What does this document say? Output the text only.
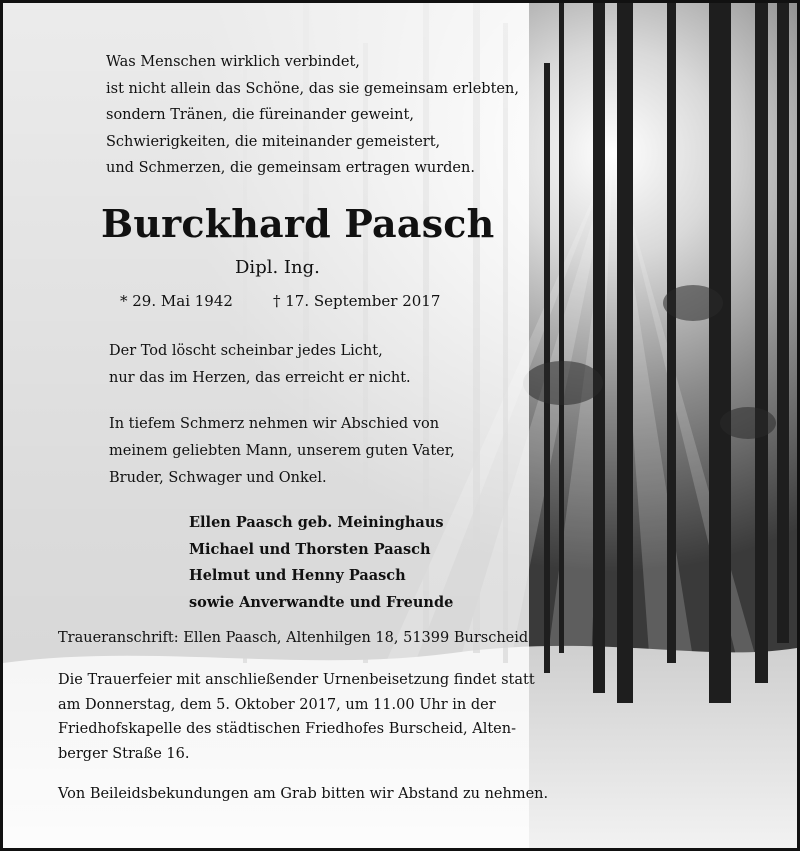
Was Menschen wirklich verbindet,
ist nicht allein das Schöne, das sie gemeinsam erlebten,
sondern Tränen, die füreinander geweint,
Schwierigkeiten, die miteinander gemeistert,
und Schmerzen, die gemeinsam ertragen wurden.
Burckhard Paasch
Dipl. Ing.
* 29. Mai 1942	† 17. September 2017
Der Tod löscht scheinbar jedes Licht,
nur das im Herzen, das erreicht er nicht.
In tiefem Schmerz nehmen wir Abschied von
meinem geliebten Mann, unserem guten Vater,
Bruder, Schwager und Onkel.
Ellen Paasch geb. Meininghaus
Michael und Thorsten Paasch
Helmut und Henny Paasch
sowie Anverwandte und Freunde
Traueranschrift: Ellen Paasch, Altenhilgen 18, 51399 Burscheid
Die Trauerfeier mit anschließender Urnenbeisetzung findet statt
am Donnerstag, dem 5. Oktober 2017, um 11.00 Uhr in der
Friedhofskapelle des städtischen Friedhofes Burscheid, Alten-
berger Straße 16.
Von Beileidsbekundungen am Grab bitten wir Abstand zu nehmen.
